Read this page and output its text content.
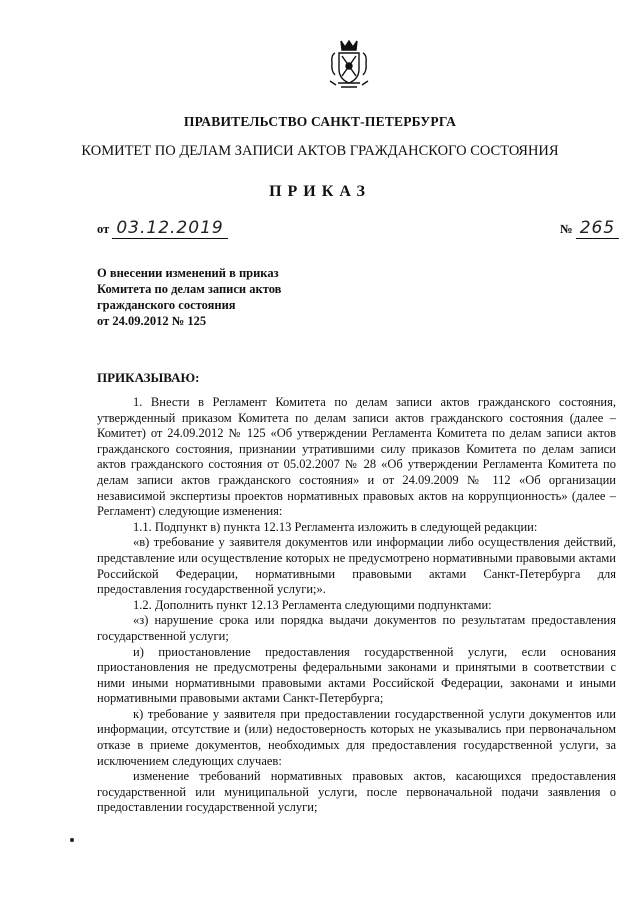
ПРАВИТЕЛЬСТВО САНКТ-ПЕТЕРБУРГА
КОМИТЕТ ПО ДЕЛАМ ЗАПИСИ АКТОВ ГРАЖДАНСКОГО СОСТОЯНИЯ
ПРИКАЗ
от 03.12.2019	№ 265
О внесении изменений в приказ
Комитета по делам записи актов
гражданского состояния
от 24.09.2012 № 125
ПРИКАЗЫВАЮ:

1. Внести в Регламент Комитета по делам записи актов гражданского состояния, утвержденный приказом Комитета по делам записи актов гражданского состояния (далее – Комитет) от 24.09.2012 № 125 «Об утверждении Регламента Комитета по делам записи актов гражданского состояния, признании утратившими силу приказов Комитета по делам записи актов гражданского состояния от 05.02.2007 № 28 «Об утверждении Регламента Комитета по делам записи актов гражданского состояния» и от 24.09.2009 № 112 «Об организации независимой экспертизы проектов нормативных правовых актов на коррупционность» (далее – Регламент) следующие изменения:

1.1. Подпункт в) пункта 12.13 Регламента изложить в следующей редакции:

«в) требование у заявителя документов или информации либо осуществления действий, представление или осуществление которых не предусмотрено нормативными правовыми актами Российской Федерации, нормативными правовыми актами Санкт-Петербурга для предоставления государственной услуги;».

1.2. Дополнить пункт 12.13 Регламента следующими подпунктами:

«з) нарушение срока или порядка выдачи документов по результатам предоставления государственной услуги;

и) приостановление предоставления государственной услуги, если основания приостановления не предусмотрены федеральными законами и принятыми в соответствии с ними иными нормативными правовыми актами Российской Федерации, законами и иными нормативными правовыми актами Санкт-Петербурга;

к) требование у заявителя при предоставлении государственной услуги документов или информации, отсутствие и (или) недостоверность которых не указывались при первоначальном отказе в приеме документов, необходимых для предоставления государственной услуги, за исключением следующих случаев:

изменение требований нормативных правовых актов, касающихся предоставления государственной или муниципальной услуги, после первоначальной подачи заявления о предоставлении государственной услуги;
